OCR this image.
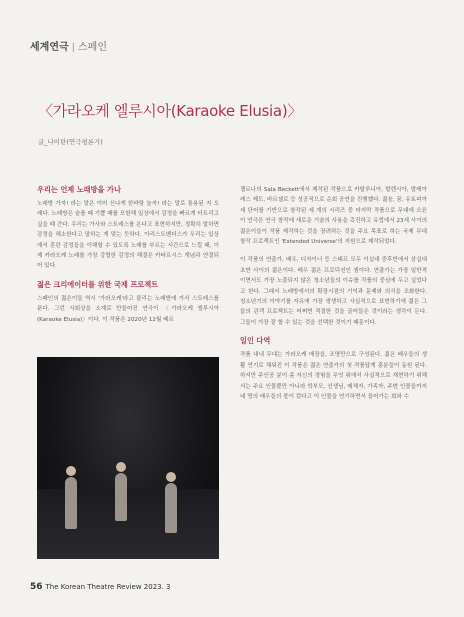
세계연극 | 스페인
〈가라오케 엘루시아(Karaoke Elusia)〉
글_나이탄(연극평론가)
우리는 언제 노래방을 가나
노래방 가자! 라는 말은 이미 신나게 한바탕 놀자! 라는 말로 통용된 지 오래다. 노래방은 슬플 때 기쁠 때를 포함해 일상에서 감정을 빠르게 터트리고 싶을 때 간다. 우리는 가사와 스트레스를 온다고 표현하지만, 정확히 말하면 감정을 해소한다고 말하는 게 맞는 듯하다. 아리스트벤더스가 우리는 일상에서 혼란 감정들을 이해할 수 있도록 노래를 부르는 시간으로 느낄 때, 이제 카라오케 노래를 가장 강렬한 감정의 해결은 카타르시스 개념과 연결되어 있다.
젊은 크리에이터를 위한 국제 프로젝트
스페인의 젊은이들 역시 '가라오케'라고 불리는 노래방에 가서 스트레스를 푼다. 그런 사회상을 소재로 만들어진 연극이 〈가라오케 엘루시아(Karaoke Elusia)〉이다. 이 작품은 2020년 12월 베르
젤르나의 Sala Beckett에서 제작된 작품으로 카탈루니아, 발렌시아, 발레아레스 제도, 바르셀로 등 성공적으로 순회 공연을 진행했다. 젊음, 꿈, 유토피아 세 단어를 기반으로 창작된 세 개의 시리즈 중 마지막 작품으로 무대에 오른 이 연극은 연극 창작에 새로운 기술의 사용을 촉진하고 유럽에서 23세 사이의 젊은이들이 작품 제작하는 것을 장려하는 것을 주요 목표로 하는 국제 무대 창작 프로젝트인 'Extended Universe'의 지원으로 제작되었다.
이 작품의 연출가, 배우, 디자이너 등 스태프 모두 이십대 중후반에서 삼십대 초반 사이의 젊은이다. 배우 젊은 프로덕션인 셈이다. 연출가는 가장 일반적이면서도 가장 노출되지 않은 청소년들의 이슈를 작품의 중심에 두고 싶었다고 한다. 그래서 노래방에서의 확장시점의 기억과 문제와 의식을 조화한다. 청소년기의 이야기를 자유에 가장 생생하고 사실적으로 표현하기에 젊은 그들의 관객 프로젝트는 어쩌면 적절한 것을 끌어들은 것이라는 생각이 든다. 그들이 가장 잘 할 수 있는 것을 선택한 것이기 때문이다.
일인 다역
작품 내내 무대는 가라오케 매장을, 조명만으로 구성된다. 젊은 배우들의 생활 연기로 채워진 이 작품은 젊은 연출가의 첫 작품답게 흥분들이 동원 된다. 하지만 주인공 분이 좀 자신의 경험을 무엇 위에서 사실적으로 재현하기 위해서는 주요 인물뿐만 아니라 학부모, 선생님, 매체자, 가족자, 주변 인물들까지 네 명의 배우들의 몫이 컸다고 이 인물을 연기하면서 들어가는 회와 수
56 The Korean Theatre Review 2023. 3
